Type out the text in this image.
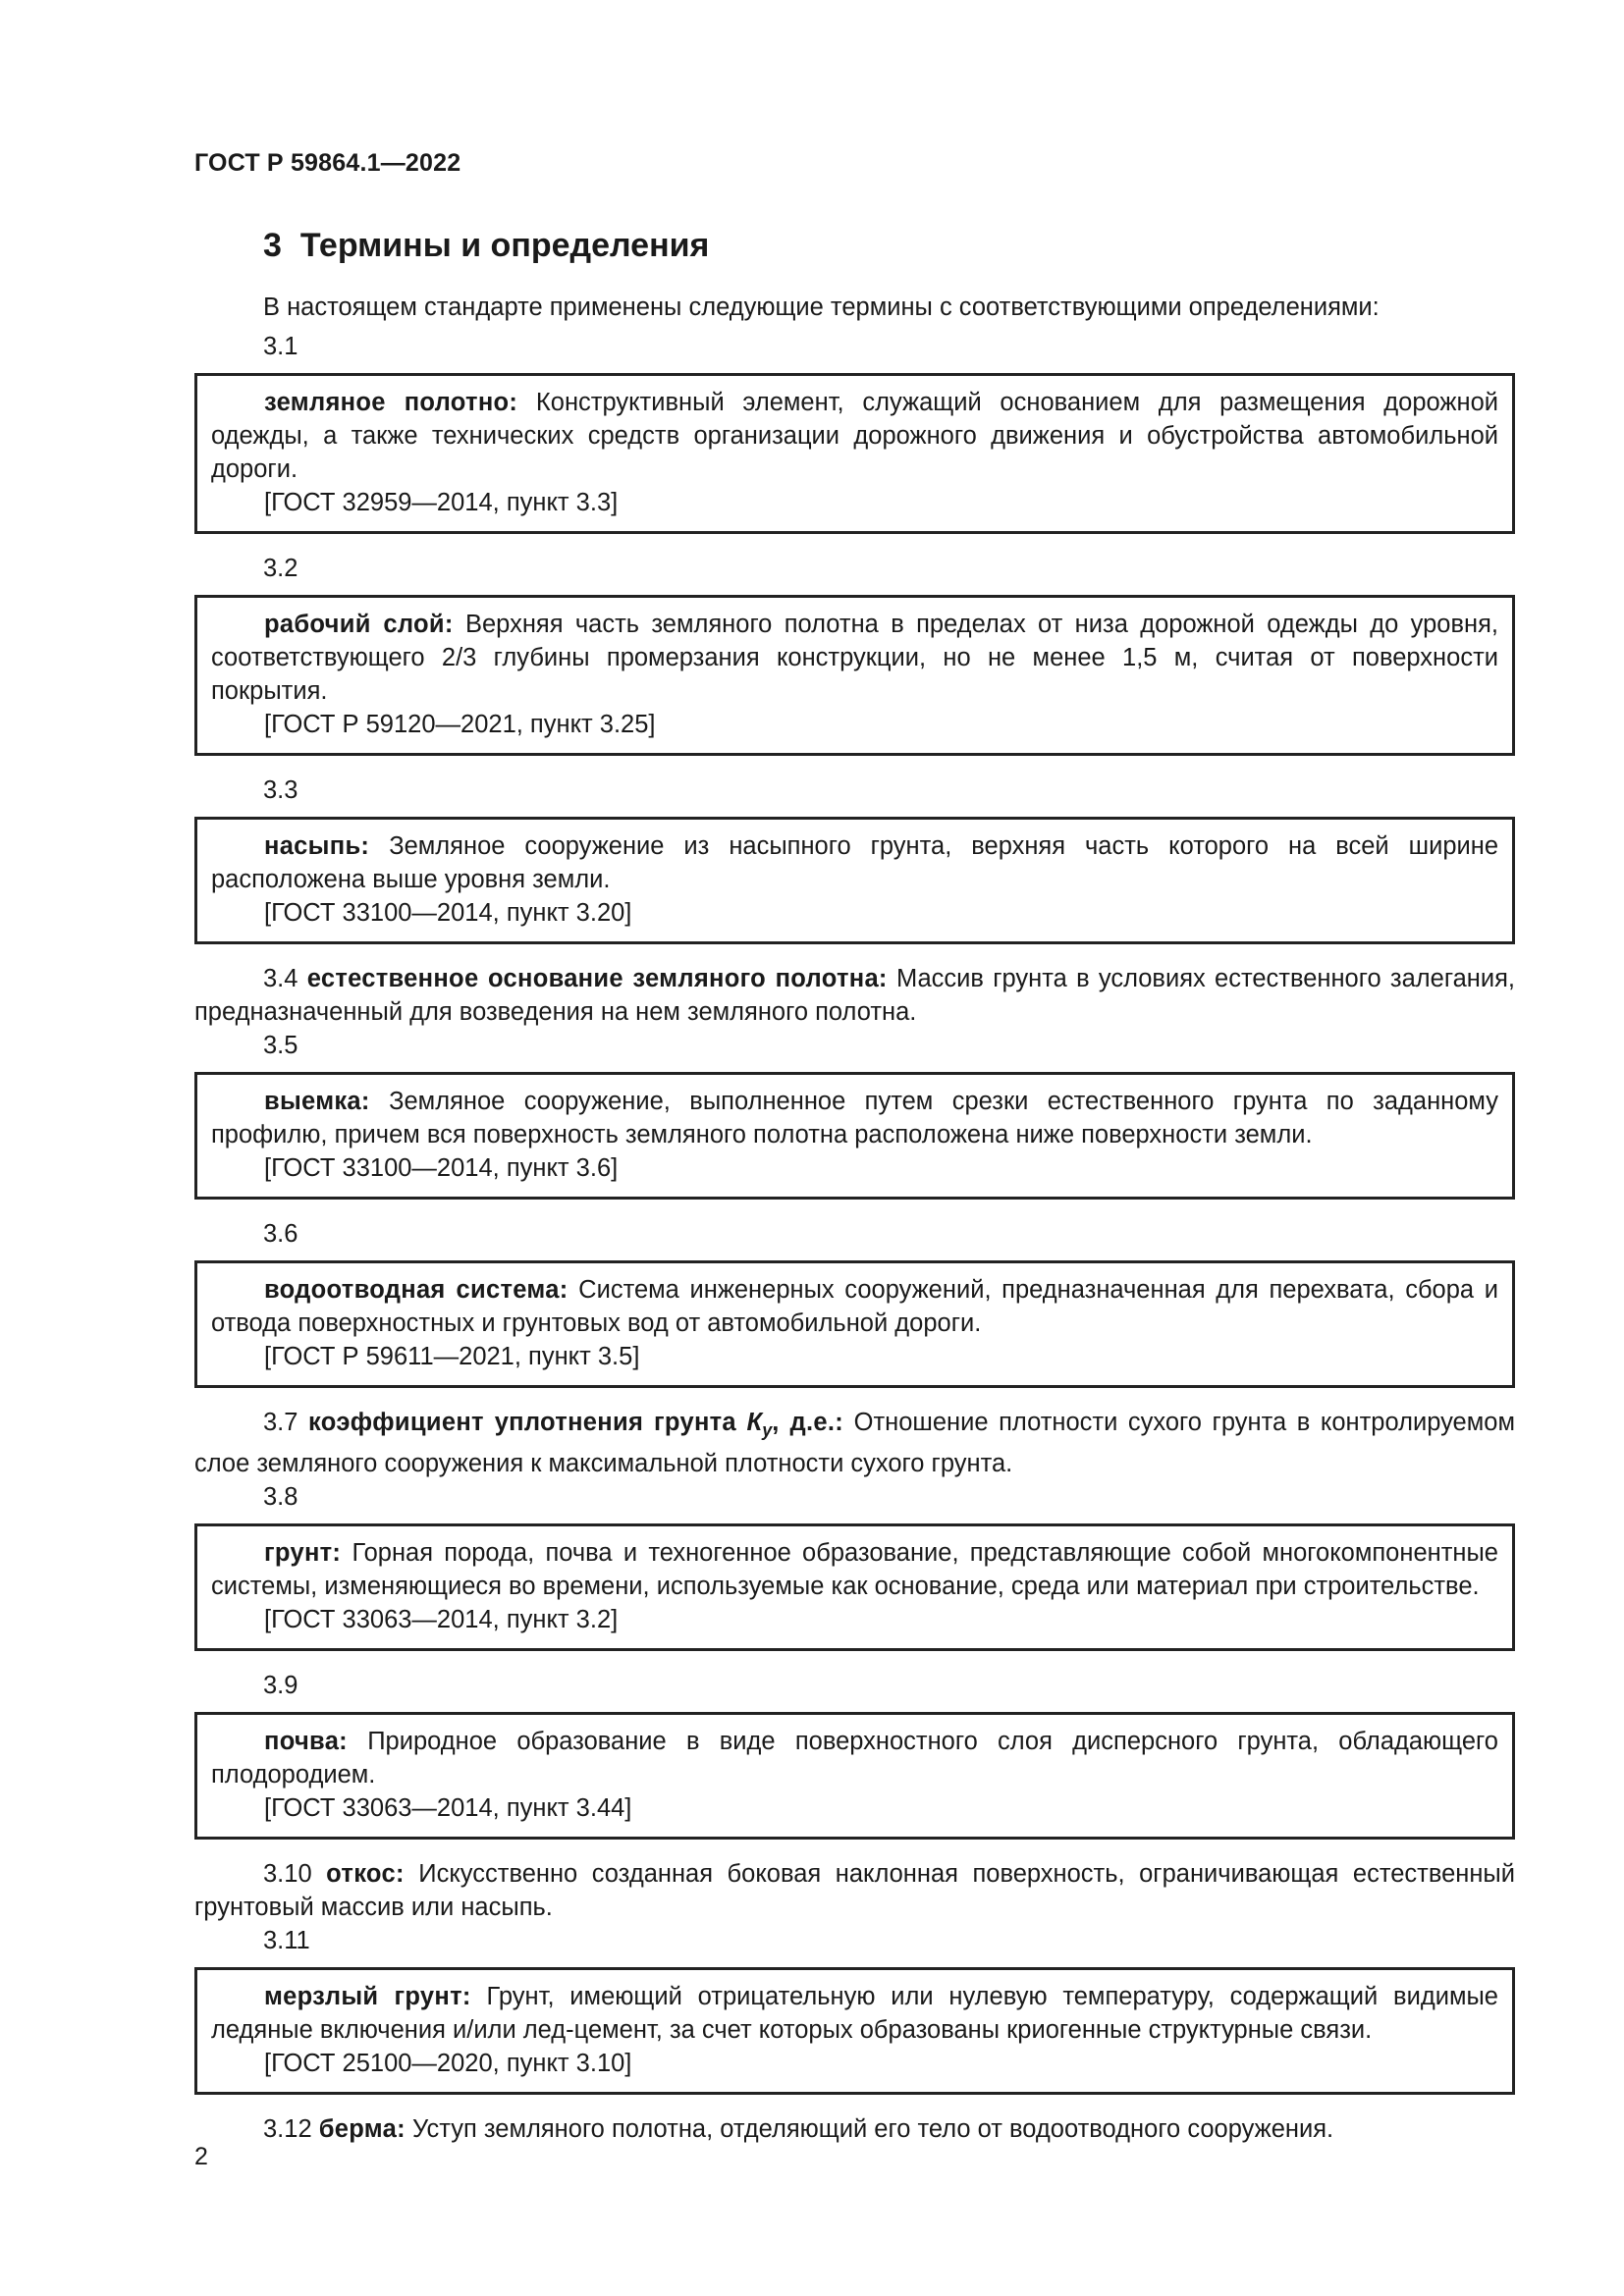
ГОСТ Р 59864.1—2022
3 Термины и определения

В настоящем стандарте применены следующие термины с соответствующими определениями:

3.1

земляное полотно: Конструктивный элемент, служащий основанием для размещения дорожной одежды, а также технических средств организации дорожного движения и обустройства автомобильной дороги.

[ГОСТ 32959—2014, пункт 3.3]

3.2

рабочий слой: Верхняя часть земляного полотна в пределах от низа дорожной одежды до уровня, соответствующего 2/3 глубины промерзания конструкции, но не менее 1,5 м, считая от поверхности покрытия.

[ГОСТ Р 59120—2021, пункт 3.25]

3.3

насыпь: Земляное сооружение из насыпного грунта, верхняя часть которого на всей ширине расположена выше уровня земли.

[ГОСТ 33100—2014, пункт 3.20]

3.4 естественное основание земляного полотна: Массив грунта в условиях естественного залегания, предназначенный для возведения на нем земляного полотна.
3.5

выемка: Земляное сооружение, выполненное путем срезки естественного грунта по заданному профилю, причем вся поверхность земляного полотна расположена ниже поверхности земли.

[ГОСТ 33100—2014, пункт 3.6]

3.6

водоотводная система: Система инженерных сооружений, предназначенная для перехвата, сбора и отвода поверхностных и грунтовых вод от автомобильной дороги.

[ГОСТ Р 59611—2021, пункт 3.5]

3.7 коэффициент уплотнения грунта $К_у$, д.е.: Отношение плотности сухого грунта в контролируемом слое земляного сооружения к максимальной плотности сухого грунта.
3.8

грунт: Горная порода, почва и техногенное образование, представляющие собой многокомпонентные системы, изменяющиеся во времени, используемые как основание, среда или материал при строительстве.

[ГОСТ 33063—2014, пункт 3.2]

3.9

почва: Природное образование в виде поверхностного слоя дисперсного грунта, обладающего плодородием.

[ГОСТ 33063—2014, пункт 3.44]

3.10 откос: Искусственно созданная боковая наклонная поверхность, ограничивающая естественный грунтовый массив или насыпь.
3.11

мерзлый грунт: Грунт, имеющий отрицательную или нулевую температуру, содержащий видимые ледяные включения и/или лед-цемент, за счет которых образованы криогенные структурные связи.

[ГОСТ 25100—2020, пункт 3.10]

3.12 берма: Уступ земляного полотна, отделяющий его тело от водоотводного сооружения.
2
